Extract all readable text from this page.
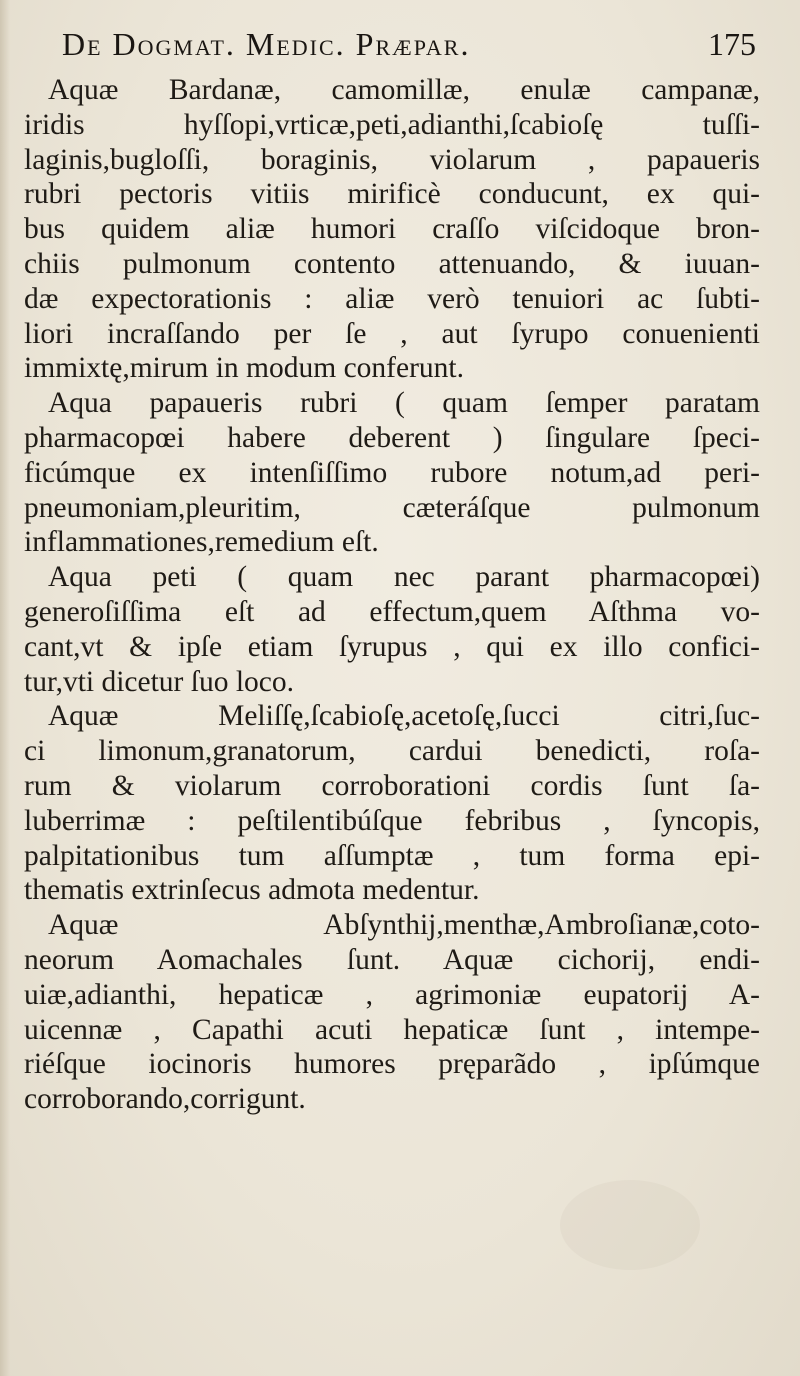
De Dogmat. Medic. Præpar.	175
Aquæ Bardanæ, camomillæ, enulæ campanæ,
iridis hyſſopi,vrticæ,peti,adianthi,ſcabioſę tuſſi-
laginis,bugloſſi, boraginis, violarum , papaueris
rubri pectoris vitiis mirificè conducunt, ex qui-
bus quidem aliæ humori craſſo viſcidoque bron-
chiis pulmonum contento attenuando, & iuuan-
dæ expectorationis : aliæ verò tenuiori ac ſubti-
liori incraſſando per ſe , aut ſyrupo conuenienti
immixtę,mirum in modum conferunt.
Aqua papaueris rubri ( quam ſemper paratam
pharmacopœi habere deberent ) ſingulare ſpeci-
ficúmque ex intenſiſſimo rubore notum,ad peri-
pneumoniam,pleuritim, cæteráſque pulmonum
inflammationes,remedium eſt.
Aqua peti ( quam nec parant pharmacopœi)
generoſiſſima eſt ad effectum,quem Aſthma vo-
cant,vt & ipſe etiam ſyrupus , qui ex illo confici-
tur,vti dicetur ſuo loco.
Aquæ Meliſſę,ſcabioſę,acetoſę,ſucci citri,ſuc-
ci limonum,granatorum, cardui benedicti, roſa-
rum & violarum corroborationi cordis ſunt ſa-
luberrimæ : peſtilentibúſque febribus , ſyncopis,
palpitationibus tum aſſumptæ , tum forma epi-
thematis extrinſecus admota medentur.
Aquæ Abſynthij,menthæ,Ambroſianæ,coto-
neorum Aomachales ſunt. Aquæ cichorij, endi-
uiæ,adianthi, hepaticæ , agrimoniæ eupatorij A-
uicennæ , Capathi acuti hepaticæ ſunt , intempe-
riéſque iocinoris humores pręparãdo , ipſúmque
corroborando,corrigunt.
